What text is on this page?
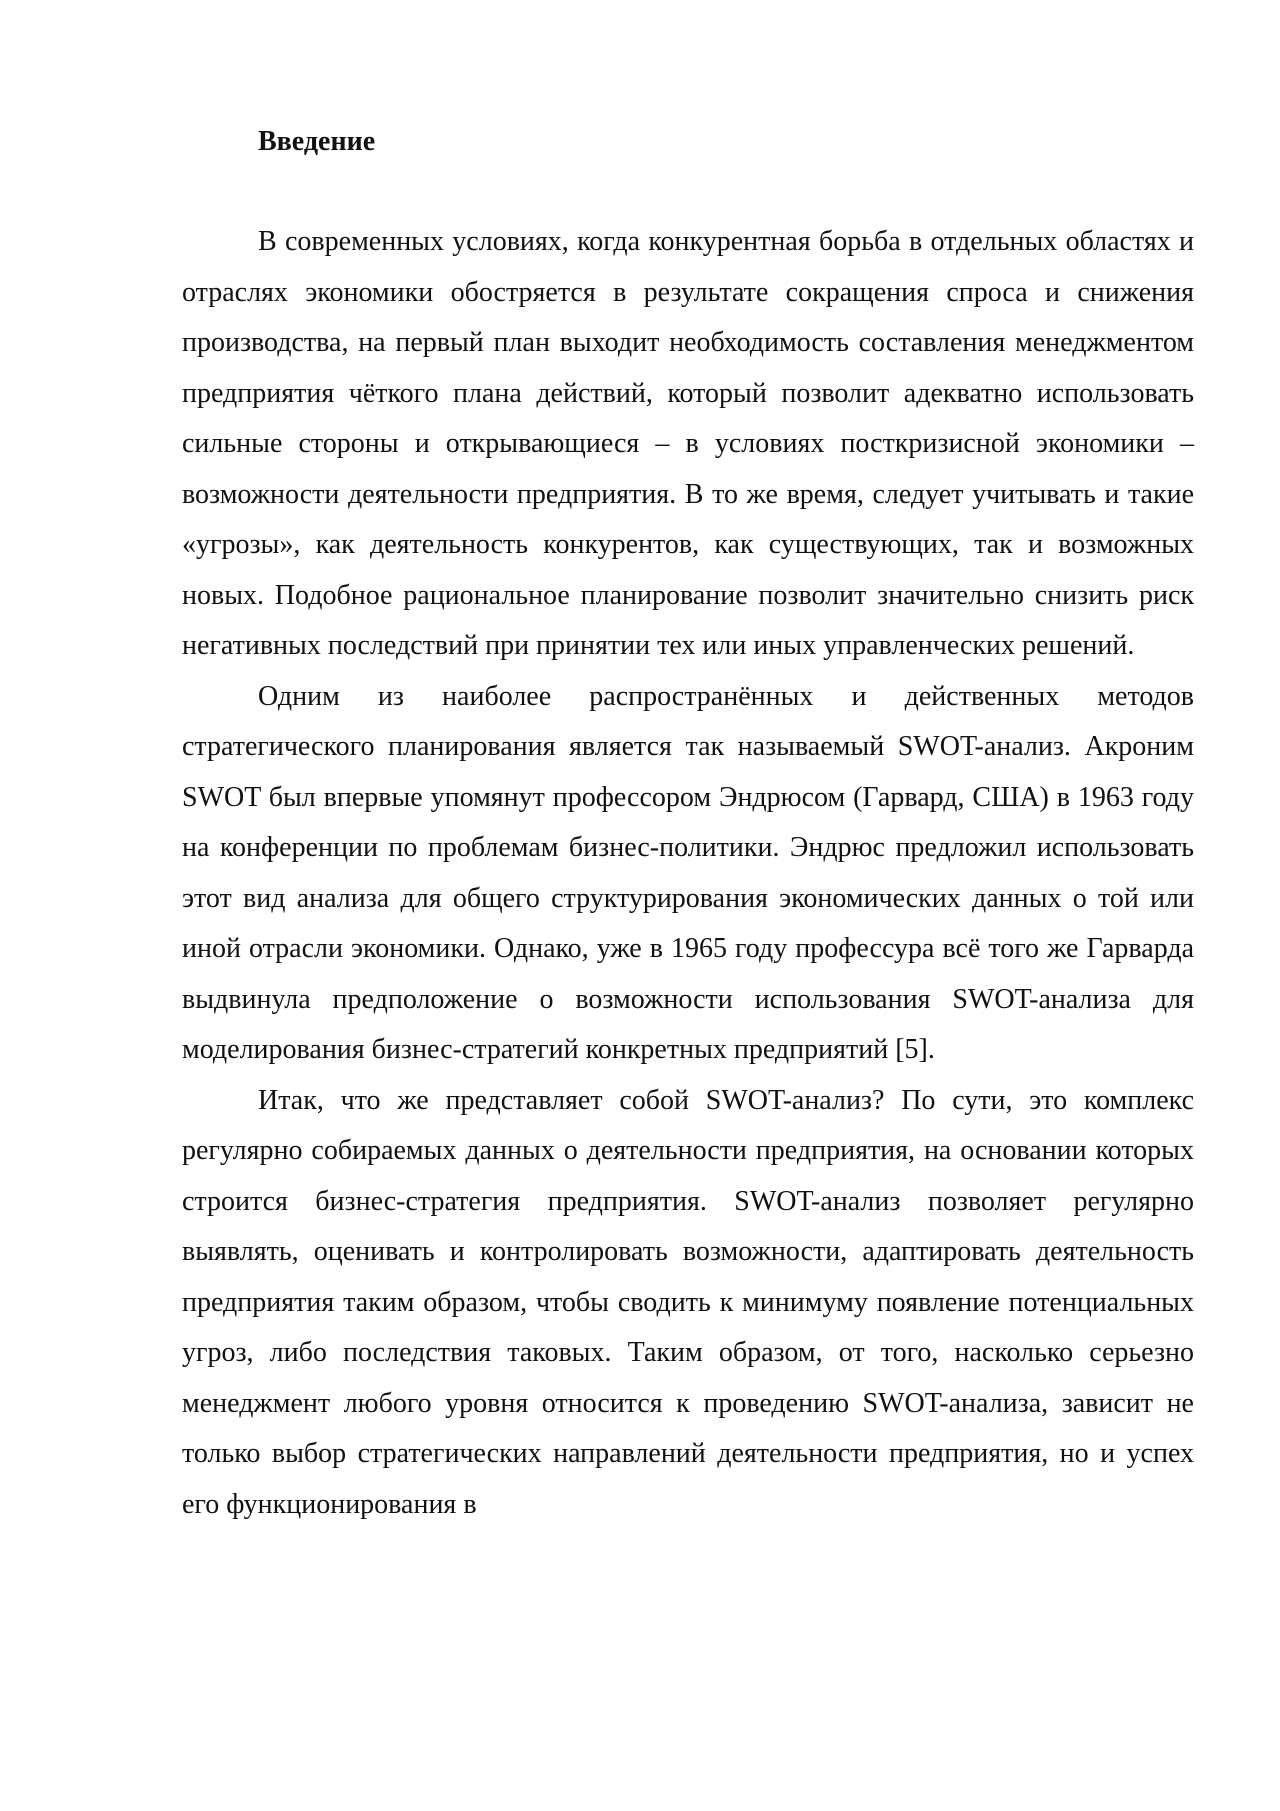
Введение

В современных условиях, когда конкурентная борьба в отдельных областях и отраслях экономики обостряется в результате сокращения спроса и снижения производства, на первый план выходит необходимость составления менеджментом предприятия чёткого плана действий, который позволит адекватно использовать сильные стороны и открывающиеся – в условиях посткризисной экономики – возможности деятельности предприятия. В то же время, следует учитывать и такие «угрозы», как деятельность конкурентов, как существующих, так и возможных новых. Подобное рациональное планирование позволит значительно снизить риск негативных последствий при принятии тех или иных управленческих решений.

Одним из наиболее распространённых и действенных методов стратегического планирования является так называемый SWOT-анализ. Акроним SWOT был впервые упомянут профессором Эндрюсом (Гарвард, США) в 1963 году на конференции по проблемам бизнес-политики. Эндрюс предложил использовать этот вид анализа для общего структурирования экономических данных о той или иной отрасли экономики. Однако, уже в 1965 году профессура всё того же Гарварда выдвинула предположение о возможности использования SWOT-анализа для моделирования бизнес-стратегий конкретных предприятий [5].

Итак, что же представляет собой SWOT-анализ? По сути, это комплекс регулярно собираемых данных о деятельности предприятия, на основании которых строится бизнес-стратегия предприятия. SWOT-анализ позволяет регулярно выявлять, оценивать и контролировать возможности, адаптировать деятельность предприятия таким образом, чтобы сводить к минимуму появление потенциальных угроз, либо последствия таковых. Таким образом, от того, насколько серьезно менеджмент любого уровня относится к проведению SWOT-анализа, зависит не только выбор стратегических направлений деятельности предприятия, но и успех его функционирования в
